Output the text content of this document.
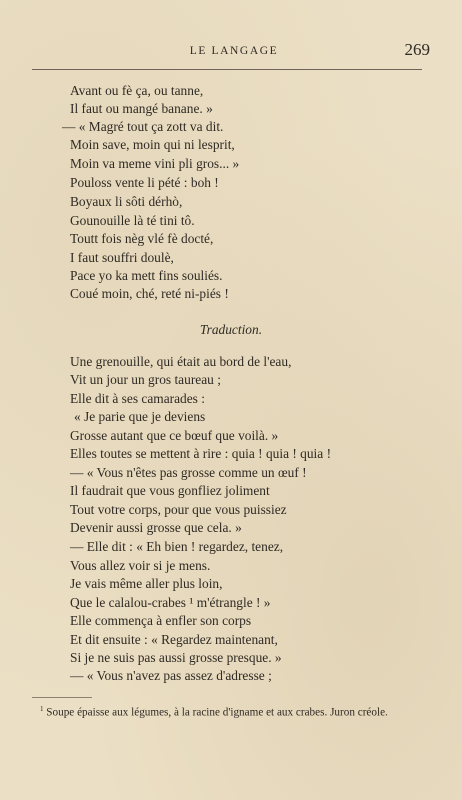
LE LANGAGE	269
Avant ou fè ça, ou tanne,
Il faut ou mangé banane. »
— « Magré tout ça zott va dit.
Moin save, moin qui ni lesprit,
Moin va meme vini pli gros... »
Pouloss vente li pété : boh !
Boyaux li sôti dérhò,
Gounouille là té tini tô.
Toutt fois nèg vlé fè docté,
I faut souffri doulè,
Pace yo ka mett fins souliés.
Coué moin, ché, reté ni-piés !
Traduction.
Une grenouille, qui était au bord de l'eau,
Vit un jour un gros taureau ;
Elle dit à ses camarades :
« Je parie que je deviens
Grosse autant que ce bœuf que voilà. »
Elles toutes se mettent à rire : quia ! quia ! quia !
— « Vous n'êtes pas grosse comme un œuf !
Il faudrait que vous gonfliez joliment
Tout votre corps, pour que vous puissiez
Devenir aussi grosse que cela. »
— Elle dit : « Eh bien ! regardez, tenez,
Vous allez voir si je mens.
Je vais même aller plus loin,
Que le calalou-crabes ¹ m'étrangle ! »
Elle commença à enfler son corps
Et dit ensuite : « Regardez maintenant,
Si je ne suis pas aussi grosse presque. »
— « Vous n'avez pas assez d'adresse ;
$^1$ Soupe épaisse aux légumes, à la racine d'igname et aux crabes. Juron créole.
